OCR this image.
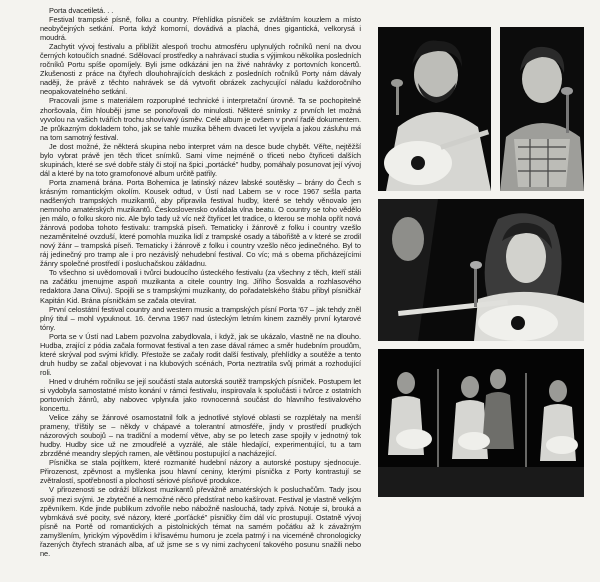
Porta dvacetiletá. . .

Festival trampské písně, folku a country. Přehlídka písniček se zvláštním kouzlem a místo neobyčejných setkání. Porta když komorní, dovádivá a plachá, dnes gigantická, velkorysá i moudrá.

Zachytit vývoj festivalu a přiblížit alespoň trochu atmosféru uplynulých ročníků není na dvou černých kotoučích snadné. Sdělovací prostředky a nahrávací studia s výjimkou několika posledních ročníků Portu spíše opomíjely. Byli jsme odkázáni jen na živé nahrávky z portovních koncertů. Zkušenosti z práce na čtyřech dlouhohrajících deskách z posledních ročníků Porty nám dávaly naději, že právě z těchto nahrávek se dá vytvořit obrázek zachycující náladu každoročního neopakovatelného setkání.

Pracovali jsme s materiálem rozporuplné technické i interpretační úrovně. Ta se pochopitelně zhoršovala, čím hlouběji jsme se ponořovali do minulosti. Některé snímky z prvních let možná vyvolou na vašich tvářích trochu shovívavý úsměv. Celé album je ovšem v první řadě dokumentem. Je průkazným dokladem toho, jak se tahle muzika během dvaceti let vyvíjela a jakou zásluhu má na tom samotný festival.

Je dost možné, že některá skupina nebo interpret vám na desce bude chybět. Věřte, nejtěžší bylo vybrat právě jen těch třicet snímků. Sami víme nejméně o třiceti nebo čtyřiceti dalších skupinách, které se své dobře stály či stojí na špici „portácké" hudby, pomáhaly posunovat její vývoj dál a které by na toto gramofonové album určitě patřily.

Porta znamená brána. Porta Bohemica je latinský název labské soutěsky – brány do Čech s krásným romantickým okolím. Kousek odtud, v Ústí nad Labem se v roce 1967 sešla parta nadšených trampských muzikantů, aby připravila festival hudby, které se tehdy věnovalo jen nemnoho amatérských muzikantů. Československo ovládala vlna beatu. O country se toho vědělo jen málo, o folku skoro nic. Ale bylo tady už víc než čtyřicet let tradice, o kterou se mohla opřít nová žánrová podoba tohoto festivalu: trampská píseň. Tematicky i žánrově z folku i country vzešlo nezaměnitelné ovzduší, které pomohla muzika lidí z trampské osady a tábořiště a v které se zrodil nový žánr – trampská píseň. Tematicky i žánrově z folku i country vzešlo něco jedinečného. Byl to ráj jedinečný pro tramp ale i pro nezávislý nehudební festival. Co víc; má s obema přicházejícími žánry společné prostředí i posluchačskou základnu.

To všechno si uvědomovali i tvůrci budoucího ústeckého festivalu (za všechny z těch, kteří stáli na začátku jmenujme aspoň muzikanta a citele country Ing. Jiřího Šosvalda a rozhlasového redaktora Jana Olivu). Spojili se s trampskými muzikanty, do pořadatelského štábu přibyl písničkář Kapitán Kid. Brána písničkám se začala otevírat.

První celostátní festival country and western music a trampských písní Porta '67 – jak tehdy zněl plný titul – mohl vypuknout. 16. června 1967 nad ústeckým letním kinem zazněly první kytarové tóny.

Porta se v Ústí nad Labem pozvolna zabydlovala, i když, jak se ukázalo, vlastně ne na dlouho. Hudba, zrající z pódia začala formovat festival a ten zase dával rámec a směr hudebním proudům, které skrýval pod svými křídly. Přestože se začaly rodit další festivaly, přehlídky a soutěže a tento druh hudby se začal objevovat i na klubových scénách, Porta neztratila svůj primát a rozhodující roli.

Hned v druhém ročníku se její součástí stala autorská soutěž trampských písniček. Postupem let si vydobyla samostatné místo konání v rámci festivalu, inspirovala k spolučásti i tvůrce z ostatních portovních žánrů, aby nabovec vplynula jako rovnocenná součást do hlavního festivalového koncertu.

Velice záhy se žánrové osamostatnil folk a jednotlivé stylové oblasti se rozplétaly na menší prameny, tříštily se – někdy v chápavé a tolerantní atmosféře, jindy v prostředí prudkých názorových soubojů – na tradiční a moderní větve, aby se po letech zase spojily v jednotný tok hudby. Hudby sice už ne zmoudřelé a vyzrálé, ale stále hledající, experimentující, tu a tam zbrzděné meandry slepých ramen, ale většinou postupující a nacházející.

Písnička se stala pojítkem, které rozmanité hudební názory a autorské postupy sjednocuje. Přirozenost, zpěvnost a myšlenka jsou hlavní ceniny, kterými písnička z Porty kontrastují se zvětralostí, spotřebností a plochostí sériové písňové produkce.

V přirozenosti se odráží blízkost muzikantů převážně amatérských k posluchačům. Tady jsou svoji mezi svými. Je zbytečné a nemožné něco předstírat nebo kašírovat. Festival je vlastně velkým zpěvníkem. Kde jinde publikum zdvořile nebo nábožně naslouchá, tady zpívá. Notuje si, brouká a vybrnkává své pocity, své názory, které „porťácké" písničky čím dál víc prostupují. Ostatně vývoj písně na Portě od romantických a pistolnických témat na samém počátku až k závažným zamyšlením, lyrickým výpovědím i křísavému humoru je zcela patrný i na viceméně chronologicky řazených čtyřech stranách alba, ať už jsme se s vy nimi zachycení takového posunu snažili nebo ne.
